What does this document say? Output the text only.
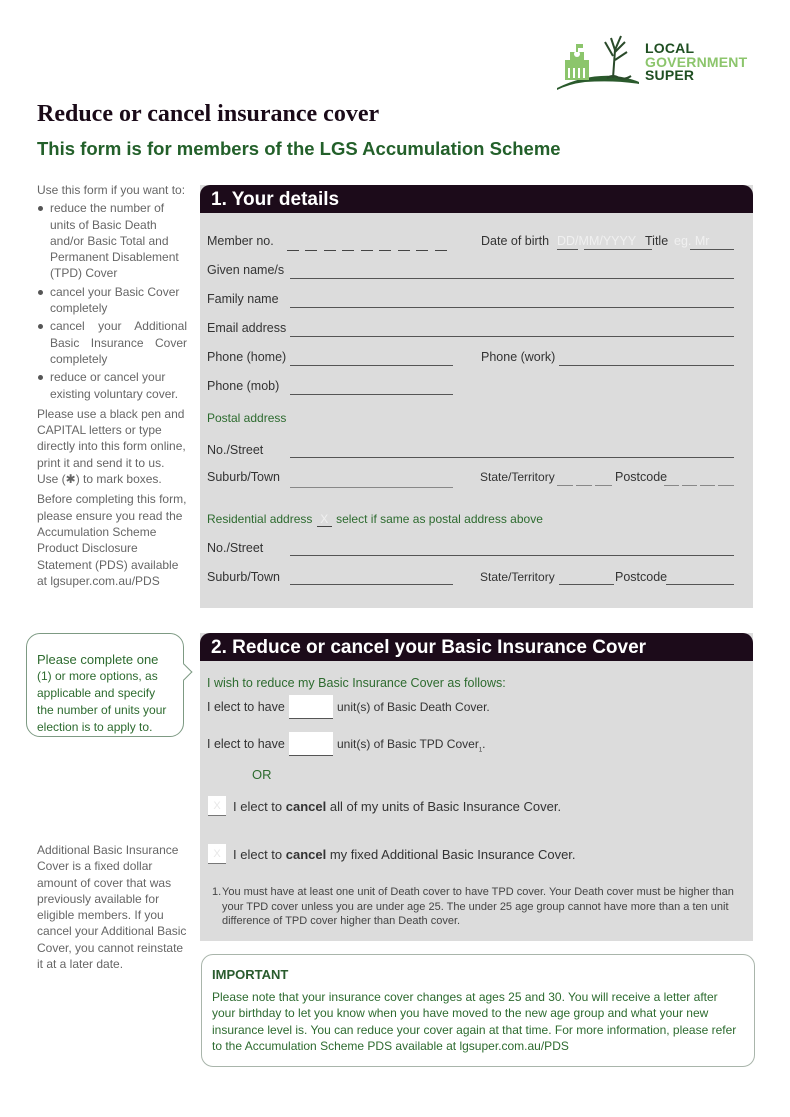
LOCAL
GOVERNMENT
SUPER
Reduce or cancel insurance cover
This form is for members of the LGS Accumulation Scheme
Use this form if you want to:
reduce the number of units of Basic Death and/or Basic Total and Permanent Disablement (TPD) Cover
cancel your Basic Cover completely
cancel your Additional Basic Insurance Cover completely
reduce or cancel your existing voluntary cover.

Please use a black pen and CAPITAL letters or type directly into this form online, print it and send it to us. Use (✱) to mark boxes.

Before completing this form, please ensure you read the Accumulation Scheme Product Disclosure Statement (PDS) available at lgsuper.com.au/PDS

Please complete one
(1) or more options, as applicable and specify the number of units your election is to apply to.
Additional Basic Insurance Cover is a fixed dollar amount of cover that was previously available for eligible members. If you cancel your Additional Basic Cover, you cannot reinstate it at a later date.
1. Your details
Member no.	Date of birth DD/MM/YYYY Title eg. Mr
Given name/s
Family name
Email address
Phone (home)	Phone (work)
Phone (mob)
Postal address
No./Street
Suburb/Town	State/Territory	Postcode
Residential address X select if same as postal address above
No./Street
Suburb/Town	State/Territory	Postcode
2. Reduce or cancel your Basic Insurance Cover
I wish to reduce my Basic Insurance Cover as follows:
I elect to have	unit(s) of Basic Death Cover.
I elect to have	unit(s) of Basic TPD Cover$_1$.
OR
X I elect to cancel all of my units of Basic Insurance Cover.
X I elect to cancel my fixed Additional Basic Insurance Cover.
1. You must have at least one unit of Death cover to have TPD cover. Your Death cover must be higher than your TPD cover unless you are under age 25. The under 25 age group cannot have more than a ten unit difference of TPD cover higher than Death cover.
IMPORTANT

Please note that your insurance cover changes at ages 25 and 30. You will receive a letter after your birthday to let you know when you have moved to the new age group and what your new insurance level is. You can reduce your cover again at that time. For more information, please refer to the Accumulation Scheme PDS available at lgsuper.com.au/PDS
